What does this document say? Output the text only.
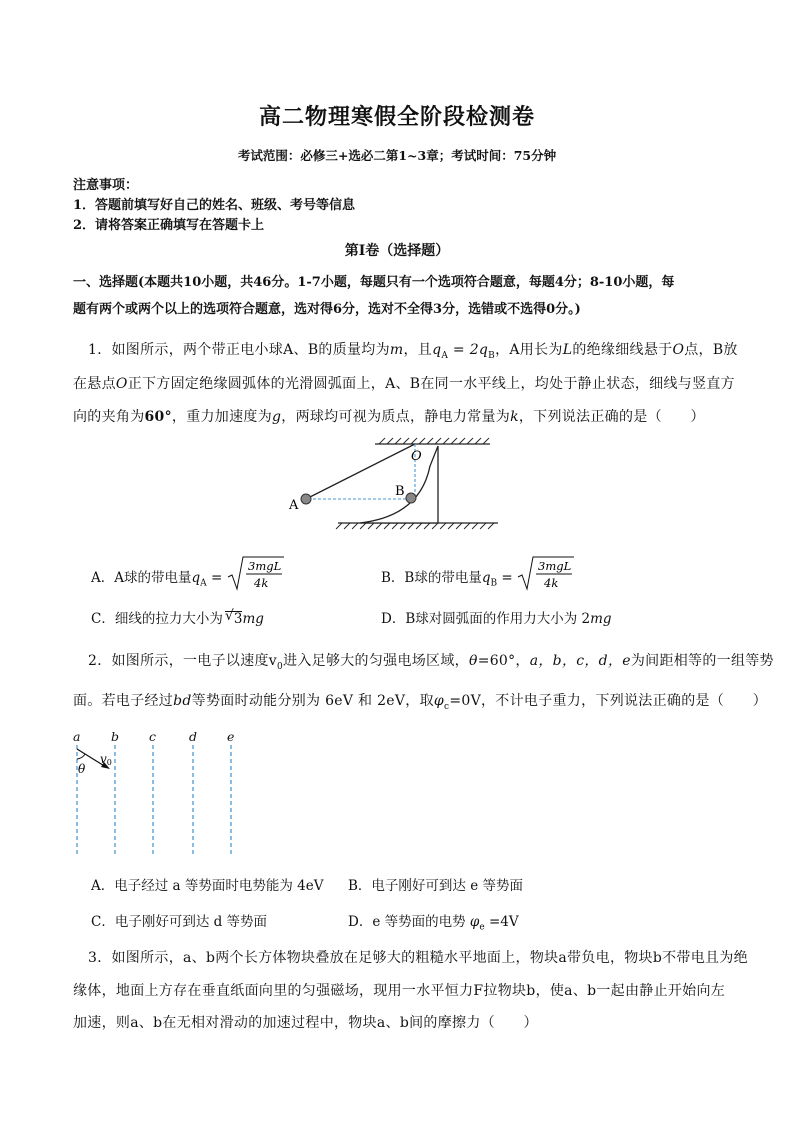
高二物理寒假全阶段检测卷
考试范围：必修三+选必二第1~3章；考试时间：75分钟
注意事项：
1．答题前填写好自己的姓名、班级、考号等信息
2．请将答案正确填写在答题卡上
第I卷（选择题）
一、选择题(本题共10小题，共46分。1-7小题，每题只有一个选项符合题意，每题4分；8-10小题，每
题有两个或两个以上的选项符合题意，选对得6分，选对不全得3分，选错或不选得0分。)
1．如图所示，两个带正电小球A、B的质量均为m，且$q_A = 2q_B$，A用长为L的绝缘细线悬于O点，B放
在悬点O正下方固定绝缘圆弧体的光滑圆弧面上，A、B在同一水平线上，均处于静止状态，细线与竖直方
向的夹角为60°，重力加速度为g，两球均可视为质点，静电力常量为k，下列说法正确的是（　　）
O
A
B
A．A球的带电量$q_A$ =
3mgL
4k	B．B球的带电量$q_B$ =
3mgL
4k
C．细线的拉力大小为 √ 3mg	D．B球对圆弧面的作用力大小为 2mg
2．如图所示，一电子以速度$v_0$进入足够大的匀强电场区域，θ=60°，a，b，c，d，e为间距相等的一组等势
面。若电子经过bd等势面时动能分别为 6eV 和 2eV，取$\varphi_c=0V$，不计电子重力，下列说法正确的是（　　）
a b c	d e
θ
v0
A．电子经过 a 等势面时电势能为 4eV B．电子刚好可到达 e 等势面
C．电子刚好可到达 d 等势面	D．e 等势面的电势 $\varphi_e =4V$
3．如图所示，a、b两个长方体物块叠放在足够大的粗糙水平地面上，物块a带负电，物块b不带电且为绝
缘体，地面上方存在垂直纸面向里的匀强磁场，现用一水平恒力F拉物块b，使a、b一起由静止开始向左
加速，则a、b在无相对滑动的加速过程中，物块a、b间的摩擦力（　　）
